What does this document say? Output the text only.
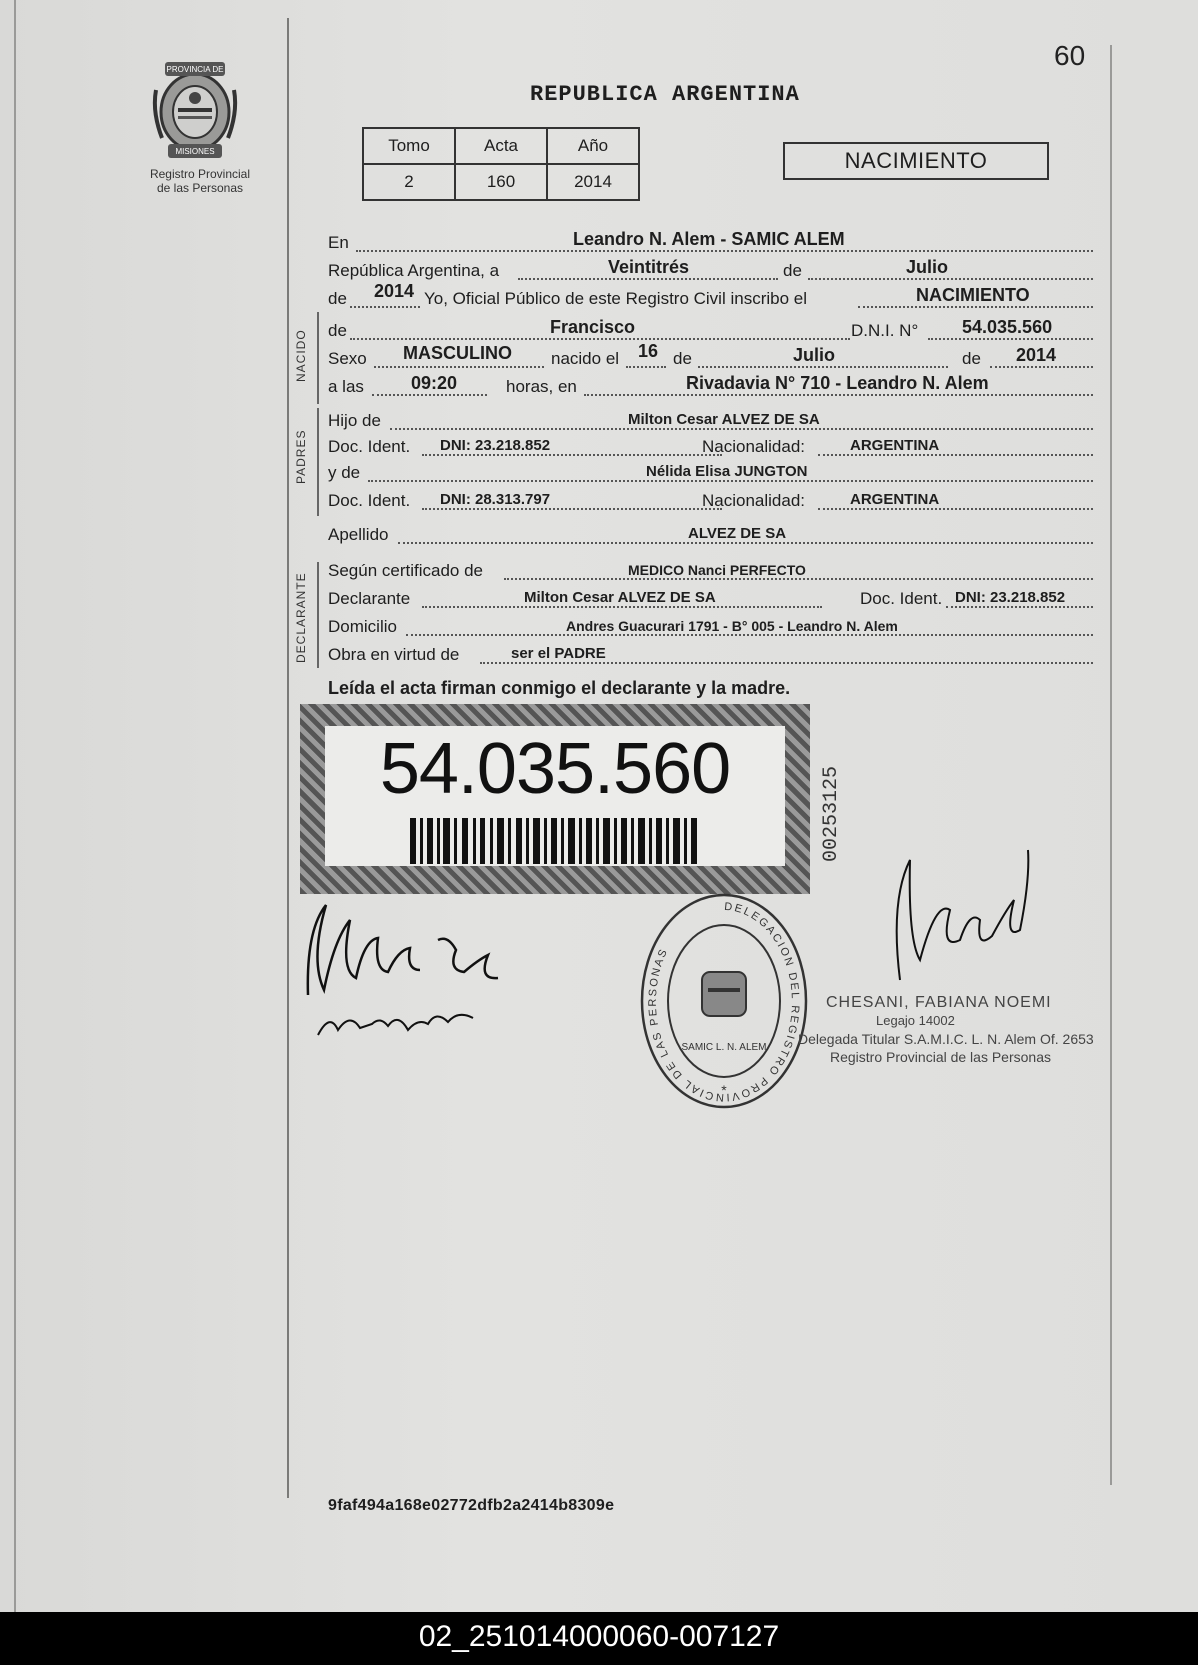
PROVINCIA DE
MISIONES
Registro Provincial
de las Personas
60
REPUBLICA ARGENTINA
Tomo	Acta	Año
2	160	2014
NACIMIENTO
NACIDO
PADRES
DECLARANTE
En	Leandro N. Alem - SAMIC ALEM
República Argentina, a	Veintitrés	de	Julio
de 2014 Yo, Oficial Público de este Registro Civil inscribo el	NACIMIENTO
de	Francisco	D.N.I. N° 54.035.560
Sexo MASCULINO nacido el 16 de	Julio	de 2014
a las	09:20	horas, en	Rivadavia N° 710 - Leandro N. Alem
Hijo de	Milton Cesar ALVEZ DE SA
Doc. Ident. DNI: 23.218.852	Nacionalidad:	ARGENTINA
y de	Nélida Elisa JUNGTON
Doc. Ident. DNI: 28.313.797	Nacionalidad:	ARGENTINA
Apellido	ALVEZ DE SA
Según certificado de	MEDICO Nanci PERFECTO
Declarante	Milton Cesar ALVEZ DE SA	Doc. Ident. DNI: 23.218.852
Domicilio	Andres Guacurari 1791 - B° 005 - Leandro N. Alem
Obra en virtud de	ser el PADRE
Leída el acta firman conmigo el declarante y la madre.
54.035.560	00253125
DELEGACION DEL REGISTRO PROVINCIAL DE LAS PERSONAS
SAMIC L. N. ALEM
*
CHESANI, FABIANA NOEMI
Legajo 14002
Delegada Titular S.A.M.I.C. L. N. Alem Of. 2653
Registro Provincial de las Personas
9faf494a168e02772dfb2a2414b8309e
02_251014000060-007127
